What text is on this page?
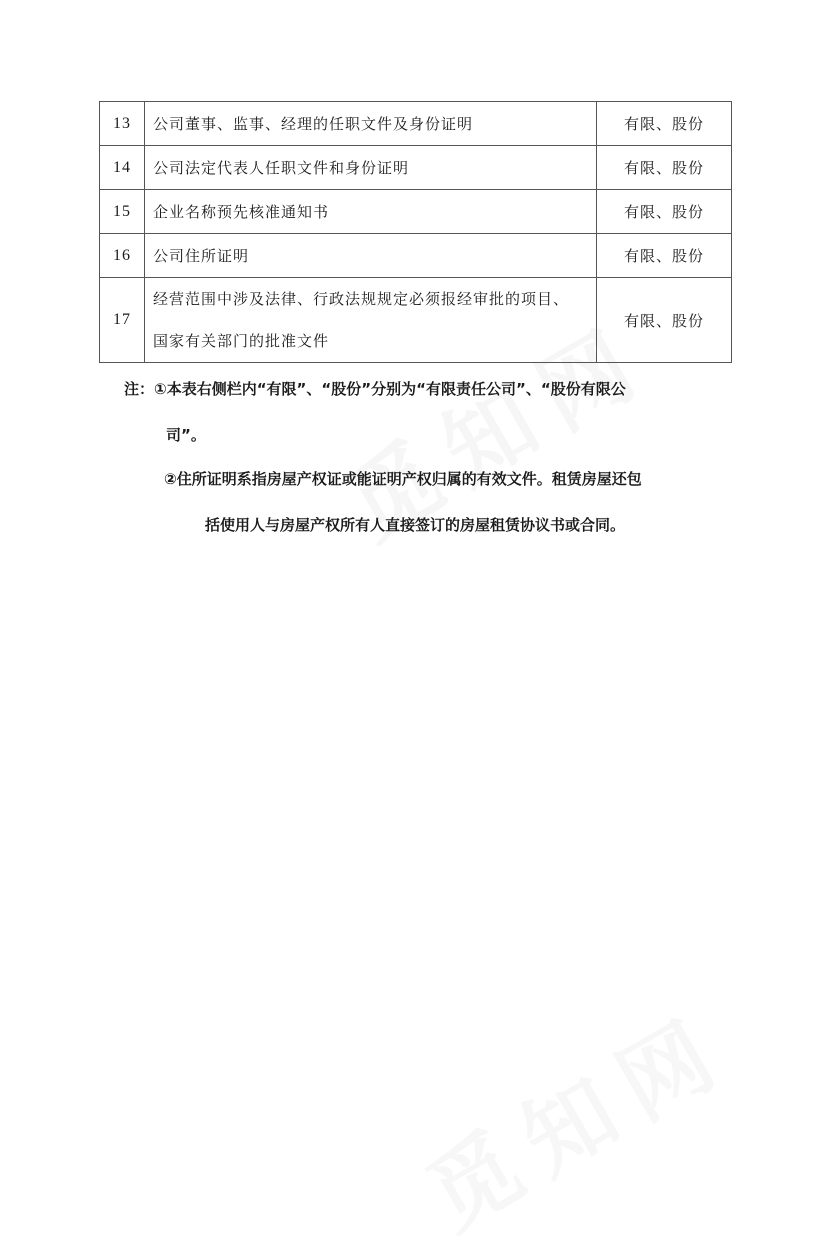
13	公司董事、监事、经理的任职文件及身份证明	有限、股份
14	公司法定代表人任职文件和身份证明	有限、股份
15	企业名称预先核准通知书	有限、股份
16	公司住所证明	有限、股份
17	经营范围中涉及法律、行政法规规定必须报经审批的项目、
国家有关部门的批准文件	有限、股份
注：①本表右侧栏内“有限”、“股份”分别为“有限责任公司”、“股份有限公
司”。
②住所证明系指房屋产权证或能证明产权归属的有效文件。租赁房屋还包
括使用人与房屋产权所有人直接签订的房屋租赁协议书或合同。
